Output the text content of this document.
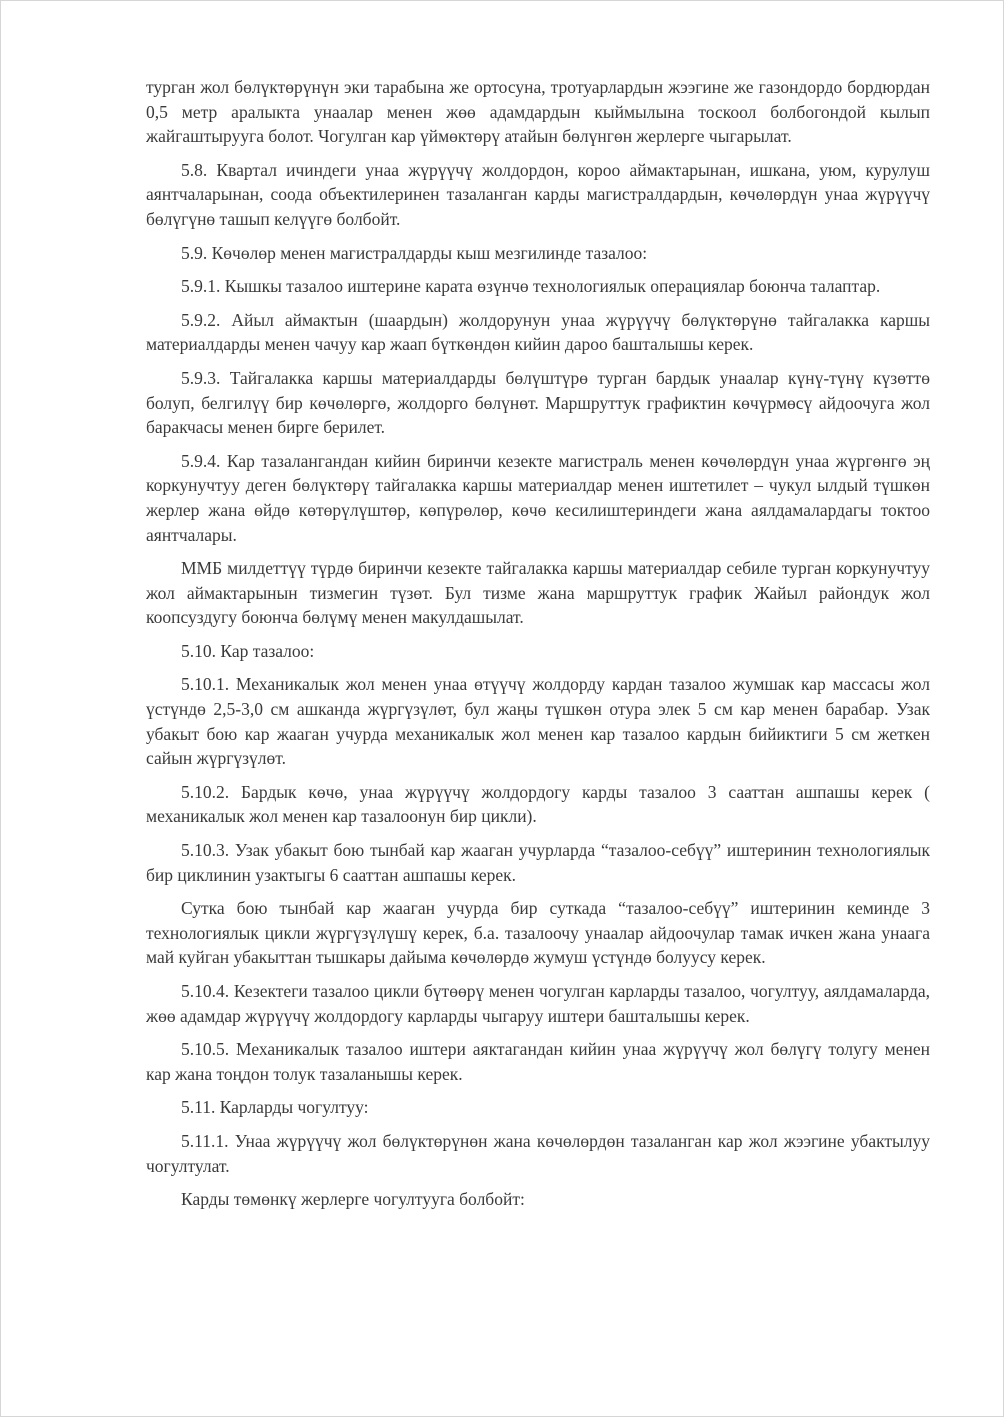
турган жол бөлүктөрүнүн эки тарабына же ортосуна, тротуарлардын жээгине же газондордо бордюрдан 0,5 метр аралыкта унаалар менен жөө адамдардын кыймылына тоскоол болбогондой кылып жайгаштырууга болот. Чогулган кар үймөктөрү атайын бөлүнгөн жерлерге чыгарылат.

5.8. Квартал ичиндеги унаа жүрүүчү жолдордон, короо аймактарынан, ишкана, уюм, курулуш аянтчаларынан, соода объектилеринен тазаланган карды магистралдардын, көчөлөрдүн унаа жүрүүчү бөлүгүнө ташып келүүгө болбойт.

5.9. Көчөлөр менен магистралдарды кыш мезгилинде тазалоо:

5.9.1. Кышкы тазалоо иштерине карата өзүнчө технологиялык операциялар боюнча талаптар.

5.9.2. Айыл аймактын (шаардын) жолдорунун унаа жүрүүчү бөлүктөрүнө тайгалакка каршы материалдарды менен чачуу кар жаап бүткөндөн кийин дароо башталышы керек.

5.9.3. Тайгалакка каршы материалдарды бөлүштүрө турган бардык унаалар күнү-түнү күзөттө болуп, белгилүү бир көчөлөргө, жолдорго бөлүнөт. Маршруттук графиктин көчүрмөсү айдоочуга жол баракчасы менен бирге берилет.

5.9.4. Кар тазалангандан кийин биринчи кезекте магистраль менен көчөлөрдүн унаа жүргөнгө эң коркунучтуу деген бөлүктөрү тайгалакка каршы материалдар менен иштетилет – чукул ылдый түшкөн жерлер жана өйдө көтөрүлүштөр, көпүрөлөр, көчө кесилиштериндеги жана аялдамалардагы токтоо аянтчалары.

ММБ милдеттүү түрдө биринчи кезекте тайгалакка каршы материалдар себиле турган коркунучтуу жол аймактарынын тизмегин түзөт. Бул тизме жана маршруттук график Жайыл райондук жол коопсуздугу боюнча бөлүмү менен макулдашылат.

5.10. Кар тазалоо:

5.10.1. Механикалык жол менен унаа өтүүчү жолдорду кардан тазалоо жумшак кар массасы жол үстүндө 2,5-3,0 см ашканда жүргүзүлөт, бул жаңы түшкөн отура элек 5 см кар менен барабар. Узак убакыт бою кар жааган учурда механикалык жол менен кар тазалоо кардын бийиктиги 5 см жеткен сайын жүргүзүлөт.

5.10.2. Бардык көчө, унаа жүрүүчү жолдордогу карды тазалоо 3 сааттан ашпашы керек ( механикалык жол менен кар тазалоонун бир цикли).

5.10.3. Узак убакыт бою тынбай кар жааган учурларда “тазалоо-себүү” иштеринин технологиялык бир циклинин узактыгы 6 сааттан ашпашы керек.

Сутка бою тынбай кар жааган учурда бир суткада “тазалоо-себүү” иштеринин кеминде 3 технологиялык цикли жүргүзүлүшү керек, б.а. тазалоочу унаалар айдоочулар тамак ичкен жана унаага май куйган убакыттан тышкары дайыма көчөлөрдө жумуш үстүндө болуусу керек.

5.10.4. Кезектеги тазалоо цикли бүтөөрү менен чогулган карларды тазалоо, чогултуу, аялдамаларда, жөө адамдар жүрүүчү жолдордогу карларды чыгаруу иштери башталышы керек.

5.10.5. Механикалык тазалоо иштери аяктагандан кийин унаа жүрүүчү жол бөлүгү толугу менен кар жана тоңдон толук тазаланышы керек.

5.11. Карларды чогултуу:

5.11.1. Унаа жүрүүчү жол бөлүктөрүнөн жана көчөлөрдөн тазаланган кар жол жээгине убактылуу чогултулат.

Карды төмөнкү жерлерге чогултууга болбойт:
